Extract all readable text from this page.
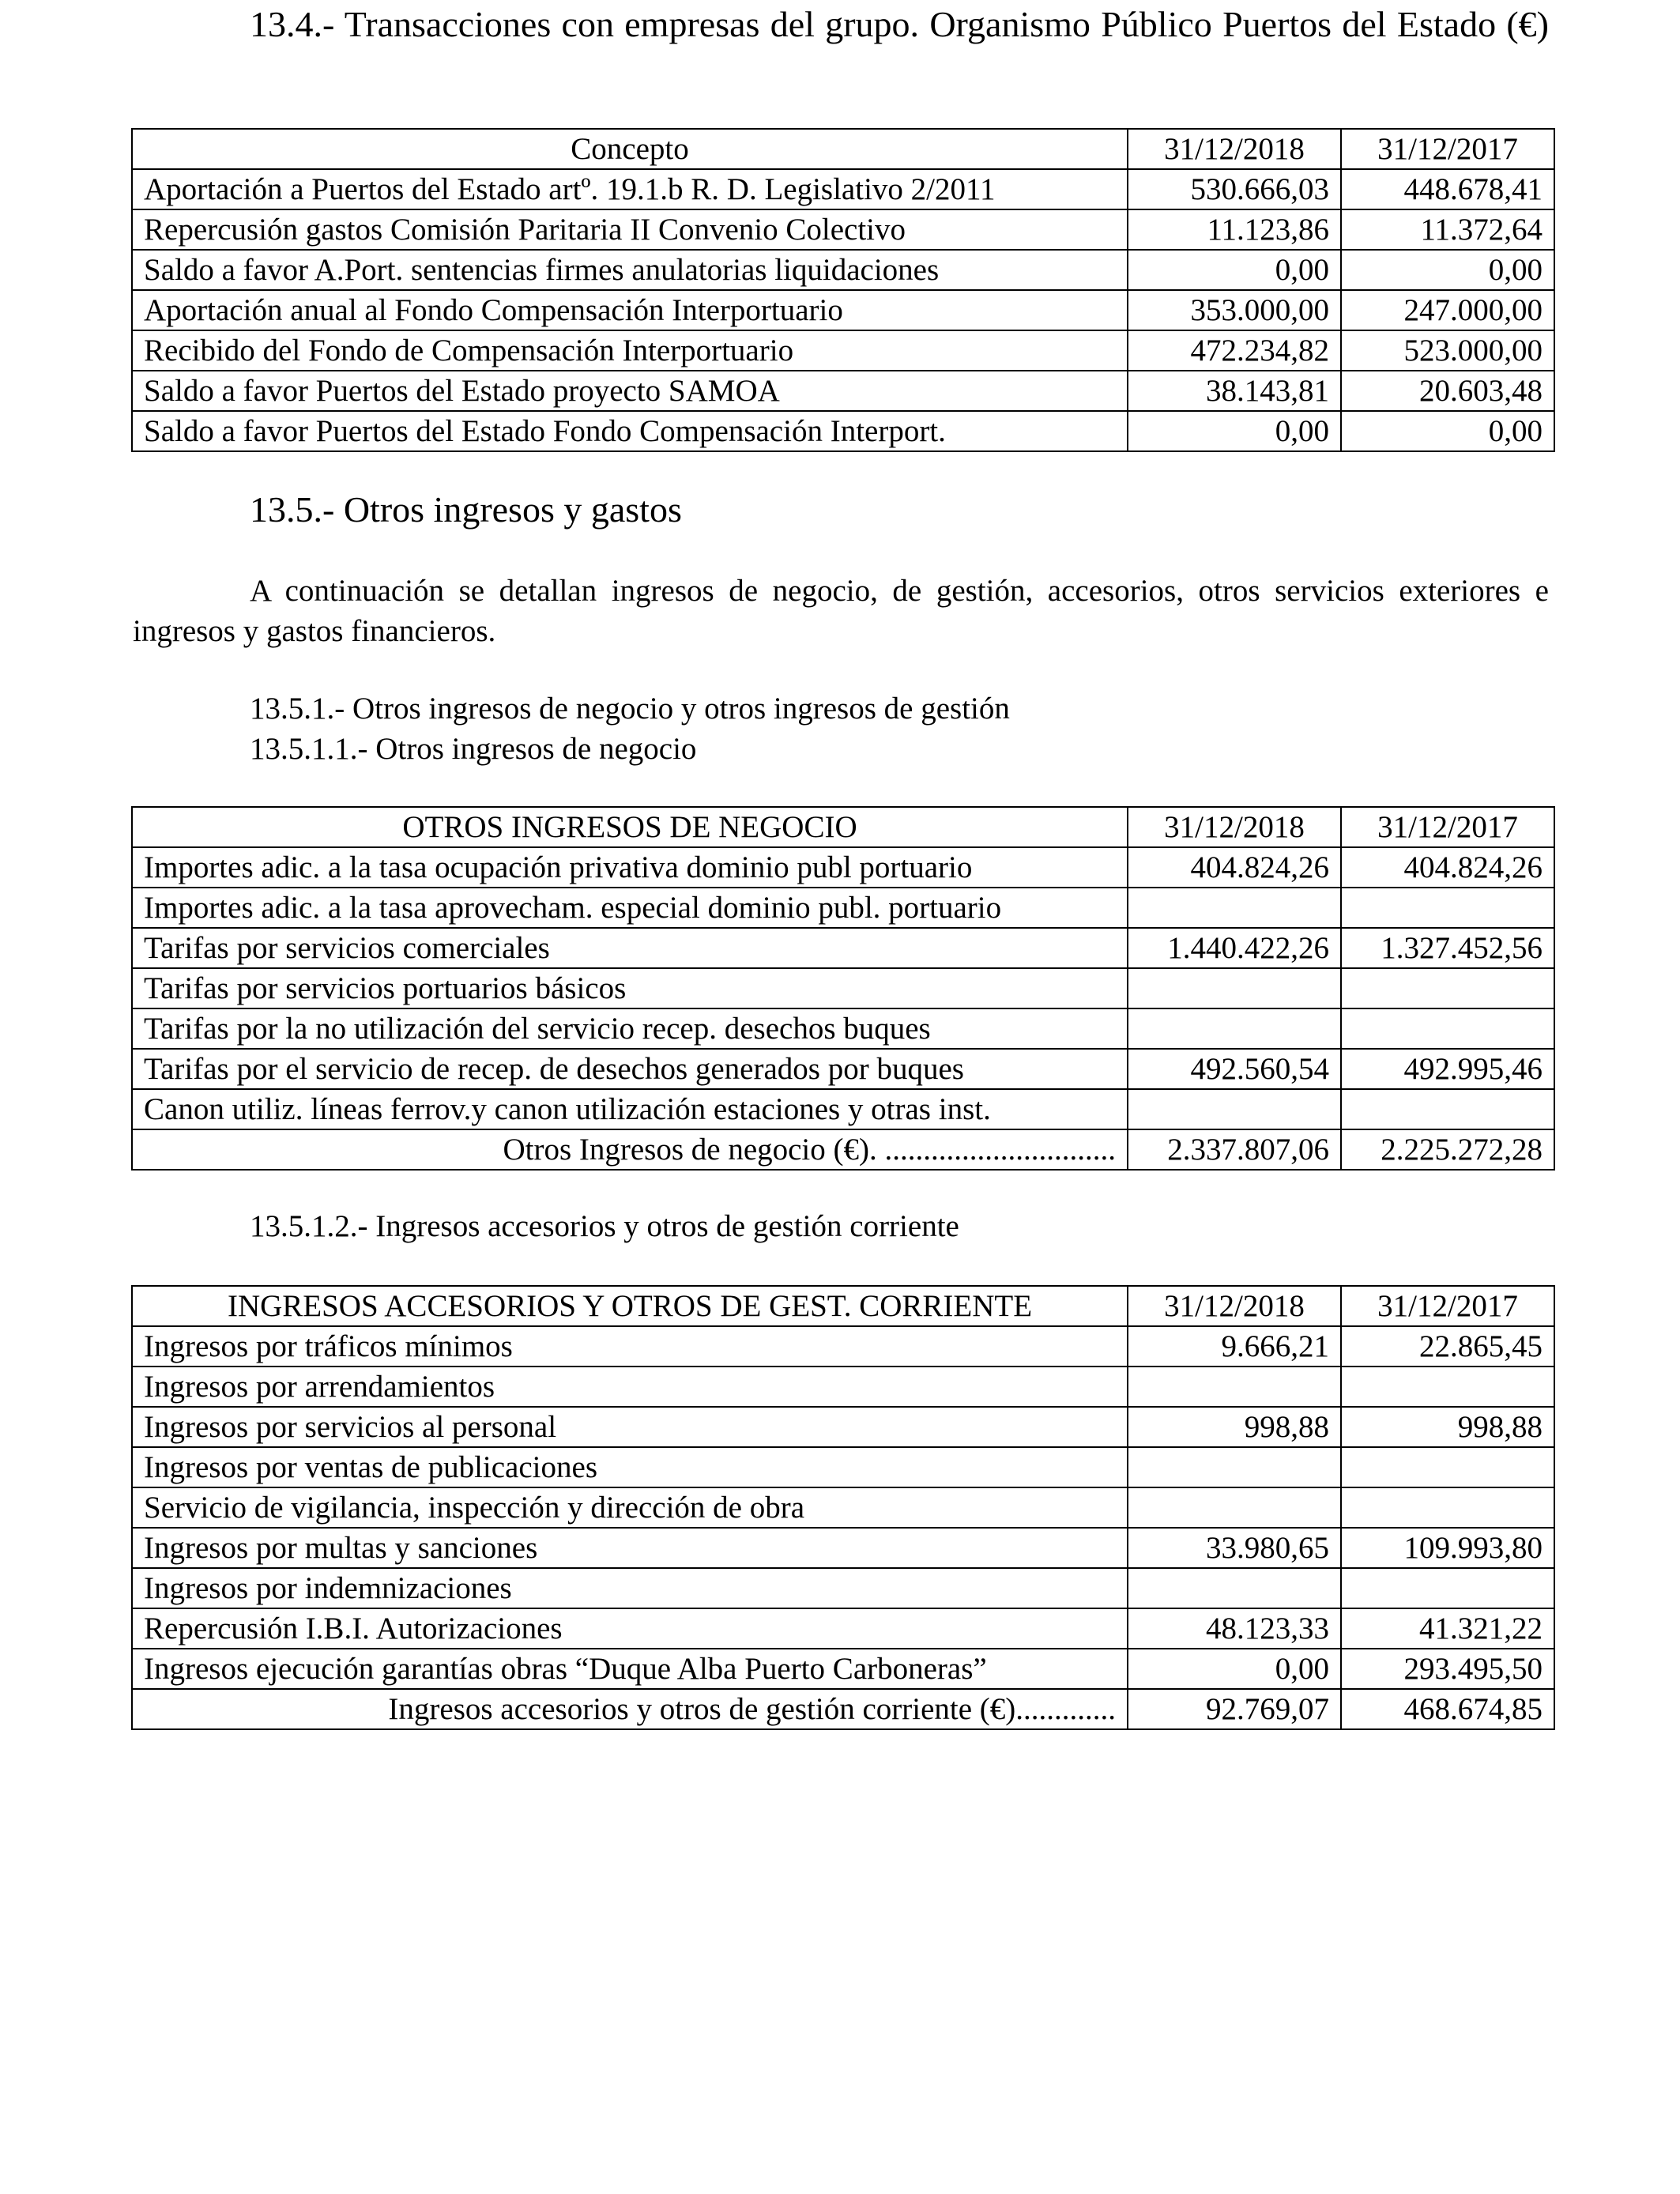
13.4.- Transacciones con empresas del grupo. Organismo Público Puertos del Estado (€)
Concepto	31/12/2018	31/12/2017
Aportación a Puertos del Estado artº. 19.1.b R. D. Legislativo 2/2011	530.666,03	448.678,41
Repercusión gastos Comisión Paritaria II Convenio Colectivo	11.123,86	11.372,64
Saldo a favor A.Port. sentencias firmes anulatorias liquidaciones	0,00	0,00
Aportación anual al Fondo Compensación Interportuario	353.000,00	247.000,00
Recibido del Fondo de Compensación Interportuario	472.234,82	523.000,00
Saldo a favor Puertos del Estado proyecto SAMOA	38.143,81	20.603,48
Saldo a favor Puertos del Estado Fondo Compensación Interport.	0,00	0,00
13.5.- Otros ingresos y gastos
A continuación se detallan ingresos de negocio, de gestión, accesorios, otros servicios exteriores e ingresos y gastos financieros.
13.5.1.- Otros ingresos de negocio y otros ingresos de gestión
13.5.1.1.- Otros ingresos de negocio
OTROS INGRESOS DE NEGOCIO	31/12/2018	31/12/2017
Importes adic. a la tasa ocupación privativa dominio publ portuario	404.824,26	404.824,26
Importes adic. a la tasa aprovecham. especial dominio publ. portuario		
Tarifas por servicios comerciales	1.440.422,26	1.327.452,56
Tarifas por servicios portuarios básicos		
Tarifas por la no utilización del servicio recep. desechos buques		
Tarifas por el servicio de recep. de desechos generados por buques	492.560,54	492.995,46
Canon utiliz. líneas ferrov.y canon utilización estaciones y otras inst.		
Otros Ingresos de negocio (€). ..............................	2.337.807,06	2.225.272,28
13.5.1.2.- Ingresos accesorios y otros de gestión corriente
INGRESOS ACCESORIOS Y OTROS DE GEST. CORRIENTE	31/12/2018	31/12/2017
Ingresos por tráficos mínimos	9.666,21	22.865,45
Ingresos por arrendamientos		
Ingresos por servicios al personal	998,88	998,88
Ingresos por ventas de publicaciones		
Servicio de vigilancia, inspección y dirección de obra		
Ingresos por multas y sanciones	33.980,65	109.993,80
Ingresos por indemnizaciones		
Repercusión I.B.I. Autorizaciones	48.123,33	41.321,22
Ingresos ejecución garantías obras “Duque Alba Puerto Carboneras”	0,00	293.495,50
Ingresos accesorios y otros de gestión corriente (€).............	92.769,07	468.674,85
